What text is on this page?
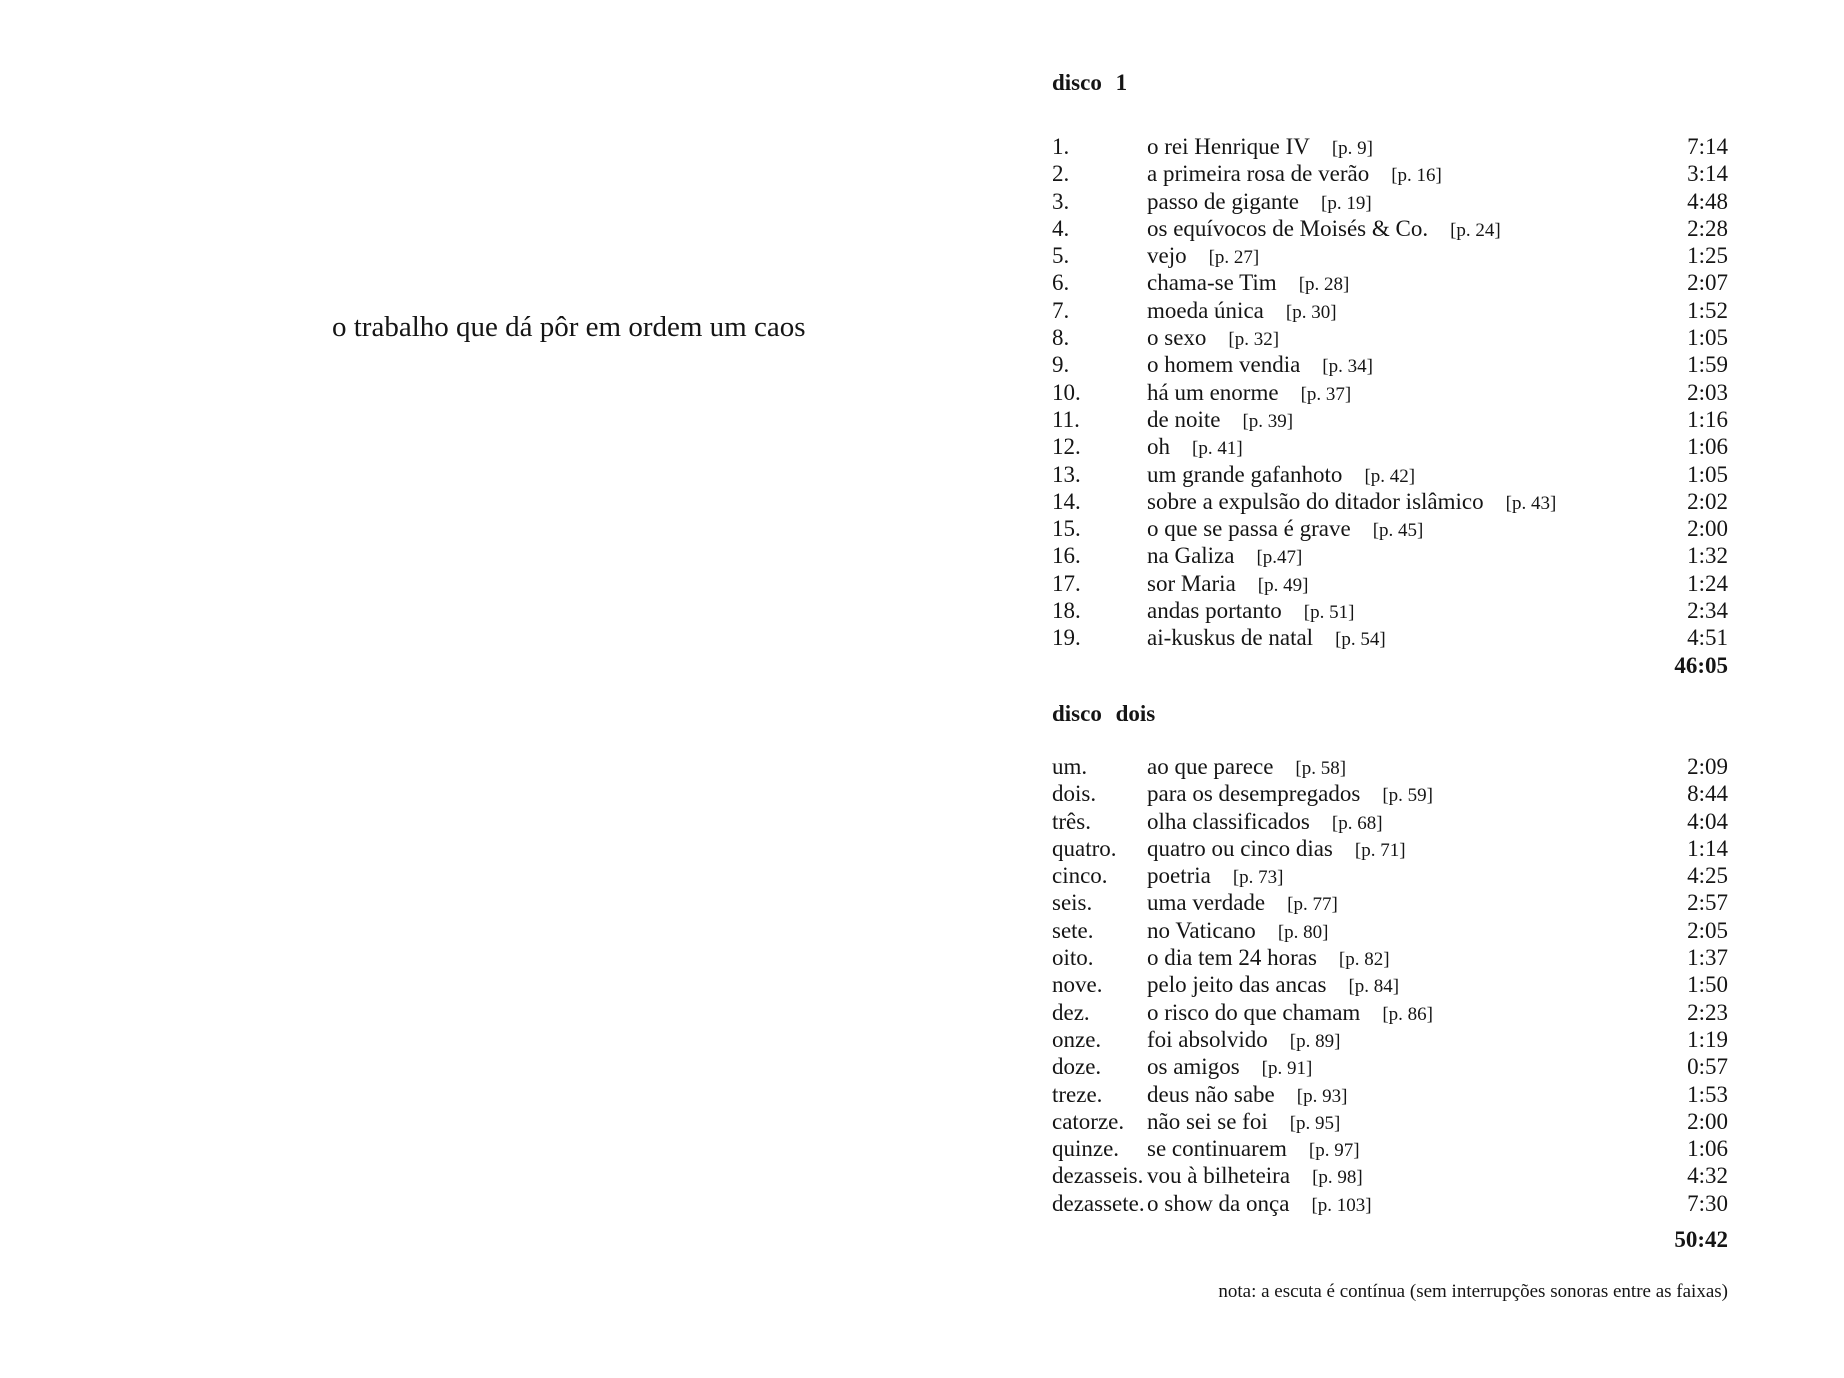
o trabalho que dá pôr em ordem um caos
disco 1
1.	o rei Henrique IV [p. 9]	7:14
2.	a primeira rosa de verão [p. 16]	3:14
3.	passo de gigante [p. 19]	4:48
4.	os equívocos de Moisés & Co. [p. 24]	2:28
5.	vejo [p. 27]	1:25
6.	chama-se Tim [p. 28]	2:07
7.	moeda única [p. 30]	1:52
8.	o sexo [p. 32]	1:05
9.	o homem vendia [p. 34]	1:59
10.	há um enorme [p. 37]	2:03
11.	de noite [p. 39]	1:16
12.	oh [p. 41]	1:06
13.	um grande gafanhoto [p. 42]	1:05
14.	sobre a expulsão do ditador islâmico [p. 43]	2:02
15.	o que se passa é grave [p. 45]	2:00
16.	na Galiza [p.47]	1:32
17.	sor Maria [p. 49]	1:24
18.	andas portanto [p. 51]	2:34
19.	ai-kuskus de natal [p. 54]	4:51
46:05
disco dois
um.	ao que parece [p. 58]	2:09
dois.	para os desempregados [p. 59]	8:44
três.	olha classificados [p. 68]	4:04
quatro.	quatro ou cinco dias [p. 71]	1:14
cinco.	poetria [p. 73]	4:25
seis.	uma verdade [p. 77]	2:57
sete.	no Vaticano [p. 80]	2:05
oito.	o dia tem 24 horas [p. 82]	1:37
nove.	pelo jeito das ancas [p. 84]	1:50
dez.	o risco do que chamam [p. 86]	2:23
onze.	foi absolvido [p. 89]	1:19
doze.	os amigos [p. 91]	0:57
treze.	deus não sabe [p. 93]	1:53
catorze. não sei se foi [p. 95]	2:00
quinze.	se continuarem [p. 97]	1:06
dezasseis. vou à bilheteira [p. 98]	4:32
dezassete. o show da onça [p. 103]	7:30
50:42
nota: a escuta é contínua (sem interrupções sonoras entre as faixas)
